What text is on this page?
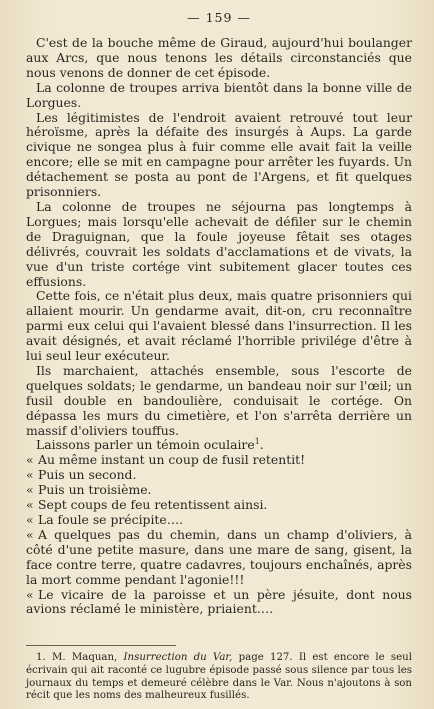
— 159 —

C'est de la bouche même de Giraud, aujourd'hui boulanger aux Arcs, que nous tenons les détails circonstanciés que nous venons de donner de cet épisode.

La colonne de troupes arriva bientôt dans la bonne ville de Lorgues.

Les légitimistes de l'endroit avaient retrouvé tout leur héroïsme, après la défaite des insurgés à Aups. La garde civique ne songea plus à fuir comme elle avait fait la veille encore; elle se mit en campagne pour arrêter les fuyards. Un détachement se posta au pont de l'Argens, et fit quelques prisonniers.

La colonne de troupes ne séjourna pas longtemps à Lorgues; mais lorsqu'elle achevait de défiler sur le chemin de Draguignan, que la foule joyeuse fêtait ses otages délivrés, couvrait les soldats d'acclamations et de vivats, la vue d'un triste cortége vint subitement glacer toutes ces effusions.

Cette fois, ce n'était plus deux, mais quatre prisonniers qui allaient mourir. Un gendarme avait, dit-on, cru reconnaître parmi eux celui qui l'avaient blessé dans l'insurrection. Il les avait désignés, et avait réclamé l'horrible privilége d'être à lui seul leur exécuteur.

Ils marchaient, attachés ensemble, sous l'escorte de quelques soldats; le gendarme, un bandeau noir sur l'œil; un fusil double en bandoulière, conduisait le cortége. On dépassa les murs du cimetière, et l'on s'arrêta derrière un massif d'oliviers touffus.

Laissons parler un témoin oculaire$^1$.

« Au même instant un coup de fusil retentit!

« Puis un second.

« Puis un troisième.

« Sept coups de feu retentissent ainsi.

« La foule se précipite….

« A quelques pas du chemin, dans un champ d'oliviers, à côté d'une petite masure, dans une mare de sang, gisent, la face contre terre, quatre cadavres, toujours enchaînés, après la mort comme pendant l'agonie!!!

« Le vicaire de la paroisse et un père jésuite, dont nous avions réclamé le ministère, priaient….

1. M. Maquan, Insurrection du Var, page 127. Il est encore le seul écrivain qui ait raconté ce lugubre épisode passé sous silence par tous les journaux du temps et demeuré célèbre dans le Var. Nous n'ajoutons à son récit que les noms des malheureux fusillés.
